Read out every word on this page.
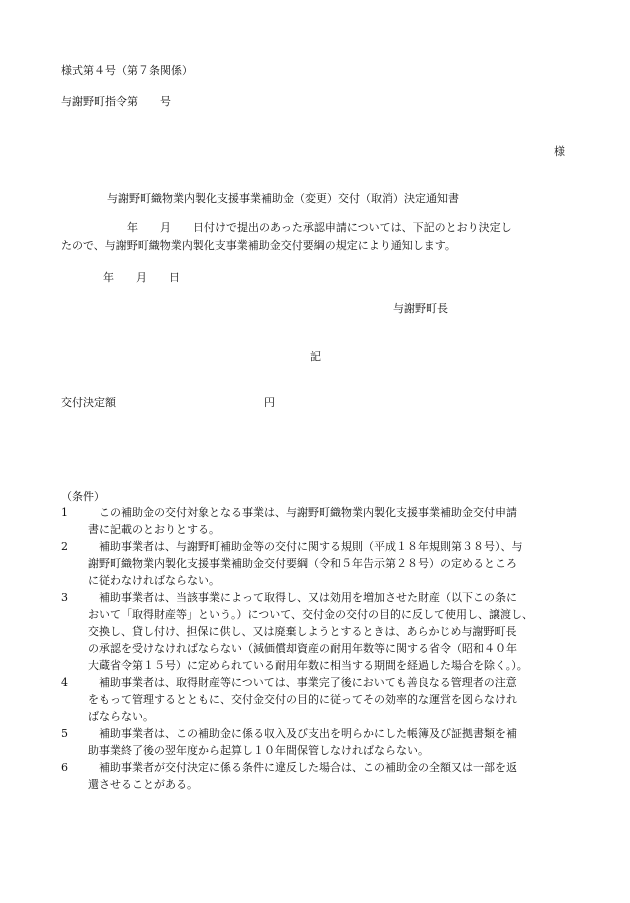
様式第４号（第７条関係）
与謝野町指令第　　号
様
与謝野町織物業内製化支援事業補助金（変更）交付（取消）決定通知書
年　　月　　日付けで提出のあった承認申請については、下記のとおり決定し
たので、与謝野町織物業内製化支事業補助金交付要綱の規定により通知します。
年　　月　　日
与謝野町長
記
交付決定額	円
（条件）
1	この補助金の交付対象となる事業は、与謝野町織物業内製化支援事業補助金交付申請
書に記載のとおりとする。
2	補助事業者は、与謝野町補助金等の交付に関する規則（平成１８年規則第３８号）、与
謝野町織物業内製化支援事業補助金交付要綱（令和５年告示第２８号）の定めるところ
に従わなければならない。
3	補助事業者は、当該事業によって取得し、又は効用を増加させた財産（以下この条に
おいて「取得財産等」という。）について、交付金の交付の目的に反して使用し、譲渡し、
交換し、貸し付け、担保に供し、又は廃棄しようとするときは、あらかじめ与謝野町長
の承認を受けなければならない（減価償却資産の耐用年数等に関する省令（昭和４０年
大蔵省令第１５号）に定められている耐用年数に相当する期間を経過した場合を除く。）。
4	補助事業者は、取得財産等については、事業完了後においても善良なる管理者の注意
をもって管理するとともに、交付金交付の目的に従ってその効率的な運営を図らなけれ
ばならない。
5	補助事業者は、この補助金に係る収入及び支出を明らかにした帳簿及び証拠書類を補
助事業終了後の翌年度から起算し１０年間保管しなければならない。
6	補助事業者が交付決定に係る条件に違反した場合は、この補助金の全額又は一部を返
還させることがある。
